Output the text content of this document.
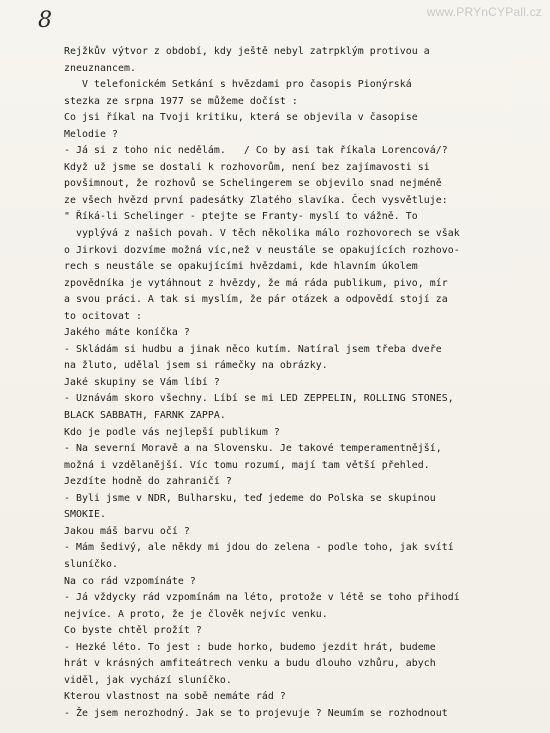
8	www.PRYnCYPall.cz
Rejžkův výtvor z období, kdy ještě nebyl zatrpklým protivou a
zneuznancem.
V telefonickém Setkání s hvězdami pro časopis Pionýrská
stezka ze srpna 1977 se můžeme dočíst :
Co jsi říkal na Tvoji kritiku, která se objevila v časopise
Melodie ?
- Já si z toho nic nedělám.   / Co by asi tak říkala Lorencová/?
Když už jsme se dostali k rozhovorům, není bez zajímavosti si
povšimnout, že rozhovů se Schelingerem se objevilo snad nejméně
ze všech hvězd první padesátky Zlatého slavíka. Čech vysvětluje:
" Říká-li Schelinger - ptejte se Franty- myslí to vážně. To
vyplývá z našich povah. V těch několika málo rozhovorech se však
o Jirkovi dozvíme možná víc,než v neustále se opakujících rozhovo-
rech s neustále se opakujícími hvězdami, kde hlavním úkolem
zpovědníka je vytáhnout z hvězdy, že má ráda publikum, pivo, mír
a svou práci. A tak si myslím, že pár otázek a odpovědí stojí za
to ocitovat :
Jakého máte koníčka ?
- Skládám si hudbu a jinak něco kutím. Natíral jsem třeba dveře
na žluto, udělal jsem si rámečky na obrázky.
Jaké skupiny se Vám líbí ?
- Uznávám skoro všechny. Líbí se mi LED ZEPPELIN, ROLLING STONES,
BLACK SABBATH, FARNK ZAPPA.
Kdo je podle vás nejlepší publikum ?
- Na severní Moravě a na Slovensku. Je takové temperamentnější,
možná i vzdělanější. Víc tomu rozumí, mají tam větší přehled.
Jezdíte hodně do zahraničí ?
- Byli jsme v NDR, Bulharsku, teď jedeme do Polska se skupinou
SMOKIE.
Jakou máš barvu očí ?
- Mám šedivý, ale někdy mi jdou do zelena - podle toho, jak svítí
sluníčko.
Na co rád vzpomínáte ?
- Já vždycky rád vzpomínám na léto, protože v létě se toho přihodí
nejvíce. A proto, že je člověk nejvíc venku.
Co byste chtěl prožít ?
- Hezké léto. To jest : bude horko, budemo jezdit hrát, budeme
hrát v krásných amfiteátrech venku a budu dlouho vzhůru, abych
viděl, jak vychází sluníčko.
Kterou vlastnost na sobě nemáte rád ?
- Že jsem nerozhodný. Jak se to projevuje ? Neumím se rozhodnout
